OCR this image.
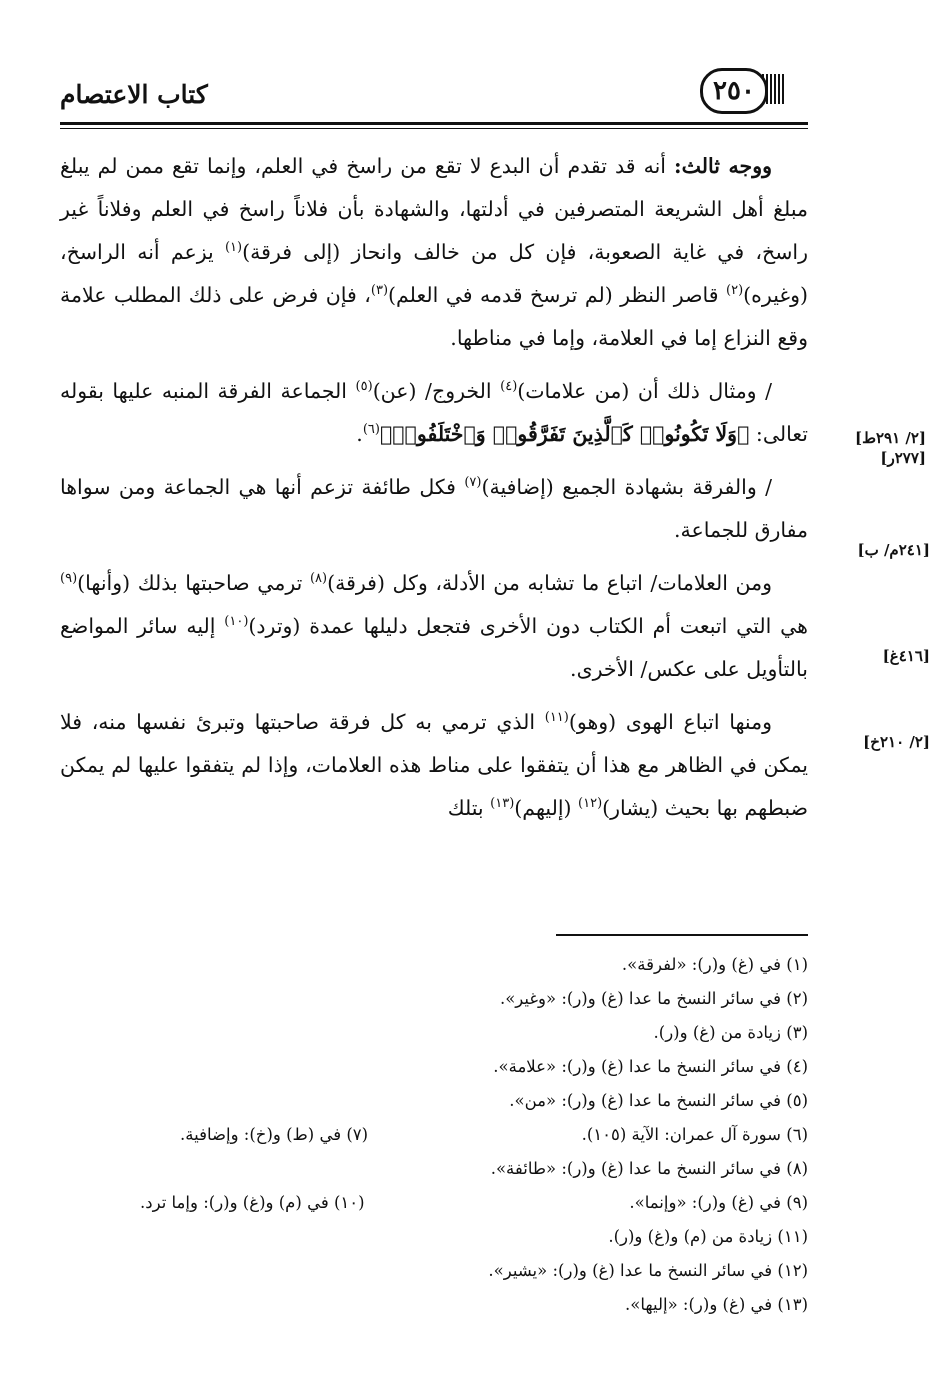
كتاب الاعتصام	٢٥٠

ووجه ثالث: أنه قد تقدم أن البدع لا تقع من راسخ في العلم، وإنما تقع ممن لم يبلغ مبلغ أهل الشريعة المتصرفين في أدلتها، والشهادة بأن فلاناً راسخ في العلم وفلاناً غير راسخ، في غاية الصعوبة، فإن كل من خالف وانحاز (إلى فرقة)$^{(١)}$ يزعم أنه الراسخ، (وغيره)$^{(٢)}$ قاصر النظر (لم ترسخ قدمه في العلم)$^{(٣)}$، فإن فرض على ذلك المطلب علامة وقع النزاع إما في العلامة، وإما في مناطها.

/ ومثال ذلك أن (من علامات)$^{(٤)}$ الخروج/ (عن)$^{(٥)}$ الجماعة الفرقة المنبه عليها بقوله تعالى: ﴿وَلَا تَكُونُوا۟ كَٱلَّذِينَ تَفَرَّقُوا۟ وَٱخْتَلَفُوا۟﴾$^{(٦)}$.

/ والفرقة بشهادة الجميع (إضافية)$^{(٧)}$ فكل طائفة تزعم أنها هي الجماعة ومن سواها مفارق للجماعة.

ومن العلامات/ اتباع ما تشابه من الأدلة، وكل (فرقة)$^{(٨)}$ ترمي صاحبتها بذلك (وأنها)$^{(٩)}$ هي التي اتبعت أم الكتاب دون الأخرى فتجعل دليلها عمدة (وترد)$^{(١٠)}$ إليه سائر المواضع بالتأويل على عكس/ الأخرى.

ومنها اتباع الهوى (وهو)$^{(١١)}$ الذي ترمي به كل فرقة صاحبتها وتبرئ نفسها منه، فلا يمكن في الظاهر مع هذا أن يتفقوا على مناط هذه العلامات، وإذا لم يتفقوا عليها لم يمكن ضبطهم بها بحيث (يشار)$^{(١٢)}$ (إليهم)$^{(١٣)}$ بتلك

[٢/ ٢٩١ط] [٢٧٧ر]
[٢٤١م/ ب]
[٤١٦غ]
[٢/ ٢١٠خ]
(١) في (غ) و(ر): «لفرقة».
(٢) في سائر النسخ ما عدا (غ) و(ر): «وغير».
(٣) زيادة من (غ) و(ر).
(٤) في سائر النسخ ما عدا (غ) و(ر): «علامة».
(٥) في سائر النسخ ما عدا (غ) و(ر): «من».
(٦) سورة آل عمران: الآية (١٠٥).
(٧) في (ط) و(خ): وإضافية.
(٨) في سائر النسخ ما عدا (غ) و(ر): «طائفة».
(٩) في (غ) و(ر): «وإنما».
(١٠) في (م) و(غ) و(ر): وإما ترد.
(١١) زيادة من (م) و(غ) و(ر).
(١٢) في سائر النسخ ما عدا (غ) و(ر): «يشير».
(١٣) في (غ) و(ر): «إليها».
